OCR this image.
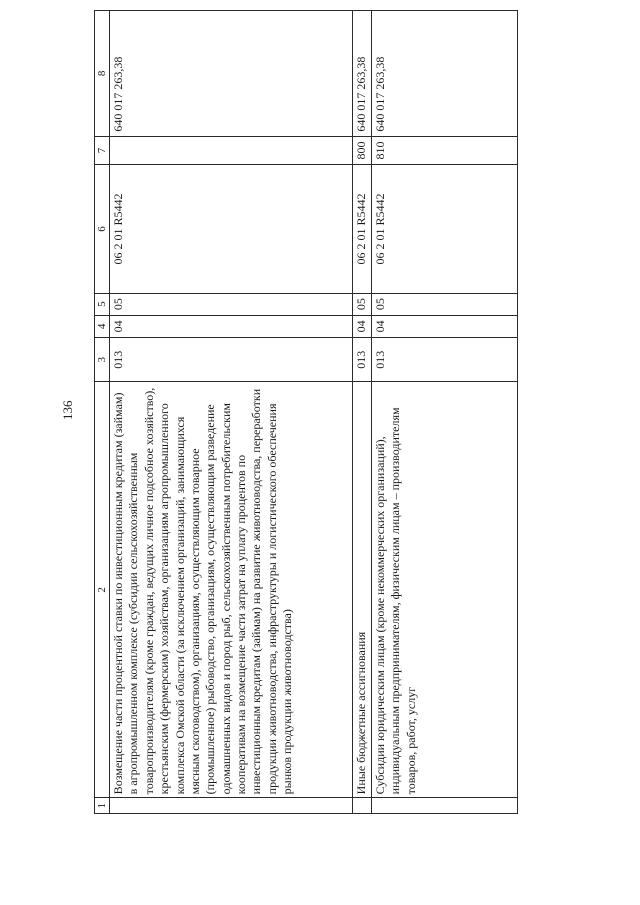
136
1	2	3	4	5	6	7	8
	Возмещение части процентной ставки по инвестиционным кредитам (займам) в агропромышленном комплексе (субсидии сельскохозяйственным товаропроизводителям (кроме граждан, ведущих личное подсобное хозяйство), крестьянским (фермерским) хозяйствам, организациям агропромышленного комплекса Омской области (за исключением организаций, занимающихся мясным скотоводством), организациям, осуществляющим товарное (промышленное) рыбоводство, организациям, осуществляющим разведение одомашненных видов и пород рыб, сельскохозяйственным потребительским кооперативам на возмещение части затрат на уплату процентов по инвестиционным кредитам (займам) на развитие животноводства, переработки продукции животноводства, инфраструктуры и логистического обеспечения рынков продукции животноводства)	013	04	05	06 2 01 R5442		640 017 263,38
	Иные бюджетные ассигнования	013	04	05	06 2 01 R5442	800	640 017 263,38
	Субсидии юридическим лицам (кроме некоммерческих организаций), индивидуальным предпринимателям, физическим лицам – производителям товаров, работ, услуг	013	04	05	06 2 01 R5442	810	640 017 263,38
